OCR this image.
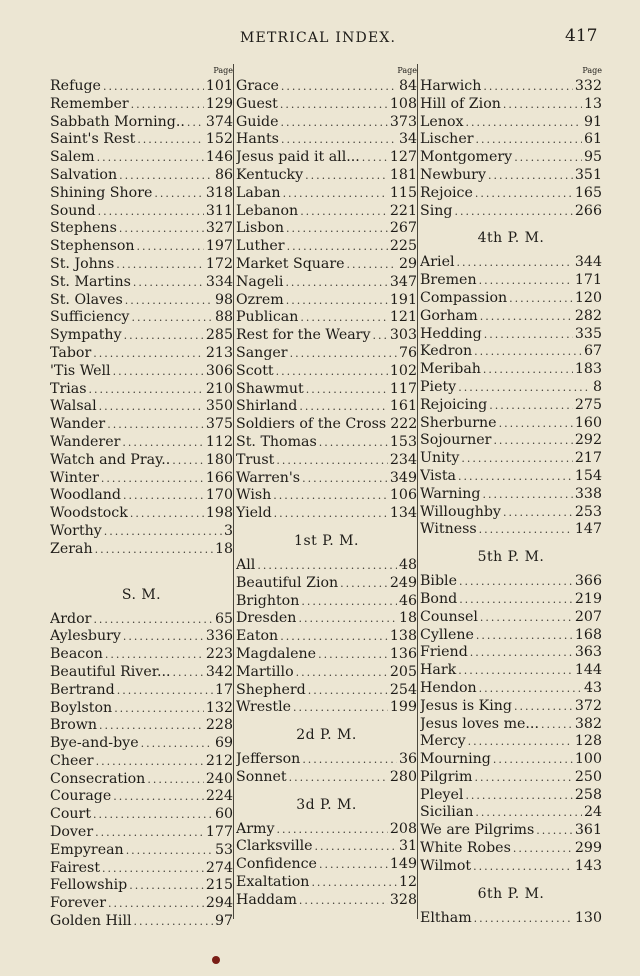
METRICAL INDEX.	417
Page
Refuge .....	101
Remember .....	129
Sabbath Morning.. ..... 374
Saint's Rest .....	152
Salem .....	146
Salvation .....	86
Shining Shore .....	318
Sound .....	311
Stephens .....	327
Stephenson .....	197
St. Johns .....	172
St. Martins .....	334
St. Olaves .....	98
Sufficiency .....	88
Sympathy .....	285
Tabor .....	213
'Tis Well .....	306
Trias .....	210
Walsal .....	350
Wander .....	375
Wanderer .....	112
Watch and Pray.. .....	180
Winter .....	166
Woodland .....	170
Woodstock .....	198
Worthy .....	3
Zerah .....	18
S. M.
Ardor .....	65
Aylesbury .....	336
Beacon .....	223
Beautiful River... ..... 342
Bertrand .....	17
Boylston .....	132
Brown .....	228
Bye-and-bye .....	69
Cheer .....	212
Consecration .....	240
Courage .....	224
Court .....	60
Dover .....	177
Empyrean .....	53
Fairest .....	274
Fellowship .....	215
Forever .....	294
Golden Hill .....	97
Page
Grace .....	84
Guest .....	108
Guide .....	373
Hants .....	34
Jesus paid it all... ..... 127
Kentucky .....	181
Laban .....	115
Lebanon .....	221
Lisbon .....	267
Luther .....	225
Market Square .....	29
Nageli .....	347
Ozrem .....	191
Publican .....	121
Rest for the Weary ..... 303
Sanger .....	76
Scott .....	102
Shawmut .....	117
Shirland .....	161
Soldiers of the Cross 222
St. Thomas .....	153
Trust .....	234
Warren's .....	349
Wish .....	106
Yield .....	134
1st P. M.
All .....	48
Beautiful Zion .....	249
Brighton .....	46
Dresden .....	18
Eaton .....	138
Magdalene .....	136
Martillo .....	205
Shepherd .....	254
Wrestle .....	199
2d P. M.
Jefferson .....	36
Sonnet .....	280
3d P. M.
Army .....	208
Clarksville .....	31
Confidence .....	149
Exaltation .....	12
Haddam .....	328
Page
Harwich .....	332
Hill of Zion .....	13
Lenox .....	91
Lischer .....	61
Montgomery .....	95
Newbury .....	351
Rejoice .....	165
Sing .....	266
4th P. M.
Ariel .....	344
Bremen .....	171
Compassion .....	120
Gorham .....	282
Hedding .....	335
Kedron .....	67
Meribah .....	183
Piety .....	8
Rejoicing .....	275
Sherburne .....	160
Sojourner .....	292
Unity .....	217
Vista .....	154
Warning .....	338
Willoughby .....	253
Witness .....	147
5th P. M.
Bible .....	366
Bond .....	219
Counsel .....	207
Cyllene .....	168
Friend .....	363
Hark .....	144
Hendon .....	43
Jesus is King .....	372
Jesus loves me... .....	382
Mercy .....	128
Mourning .....	100
Pilgrim .....	250
Pleyel .....	258
Sicilian .....	24
We are Pilgrims .....	361
White Robes .....	299
Wilmot .....	143
6th P. M.
Eltham .....	130
